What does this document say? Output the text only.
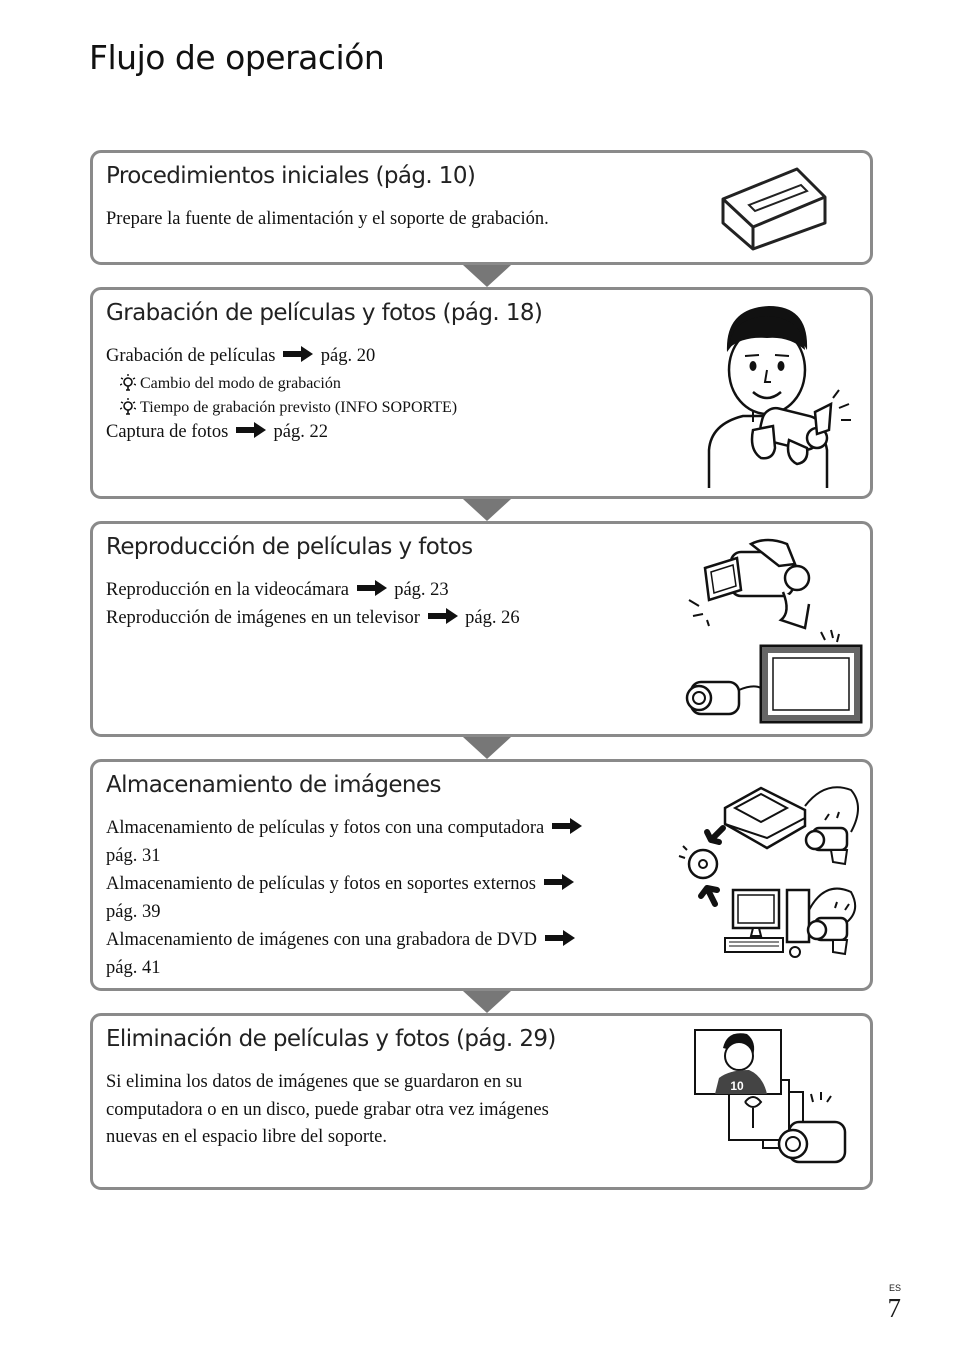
Flujo de operación
Procedimientos iniciales (pág. 10)
Prepare la fuente de alimentación y el soporte de grabación.
Grabación de películas y fotos (pág. 18)
Grabación de películas pág. 20
Cambio del modo de grabación
Tiempo de grabación previsto (INFO SOPORTE)
Captura de fotos pág. 22
Reproducción de películas y fotos
Reproducción en la videocámara pág. 23
Reproducción de imágenes en un televisor pág. 26
Almacenamiento de imágenes
Almacenamiento de películas y fotos con una computadora
pág. 31
Almacenamiento de películas y fotos en soportes externos
pág. 39
Almacenamiento de imágenes con una grabadora de DVD
pág. 41
Eliminación de películas y fotos (pág. 29)
Si elimina los datos de imágenes que se guardaron en su
computadora o en un disco, puede grabar otra vez imágenes
nuevas en el espacio libre del soporte.
10
ES
7
